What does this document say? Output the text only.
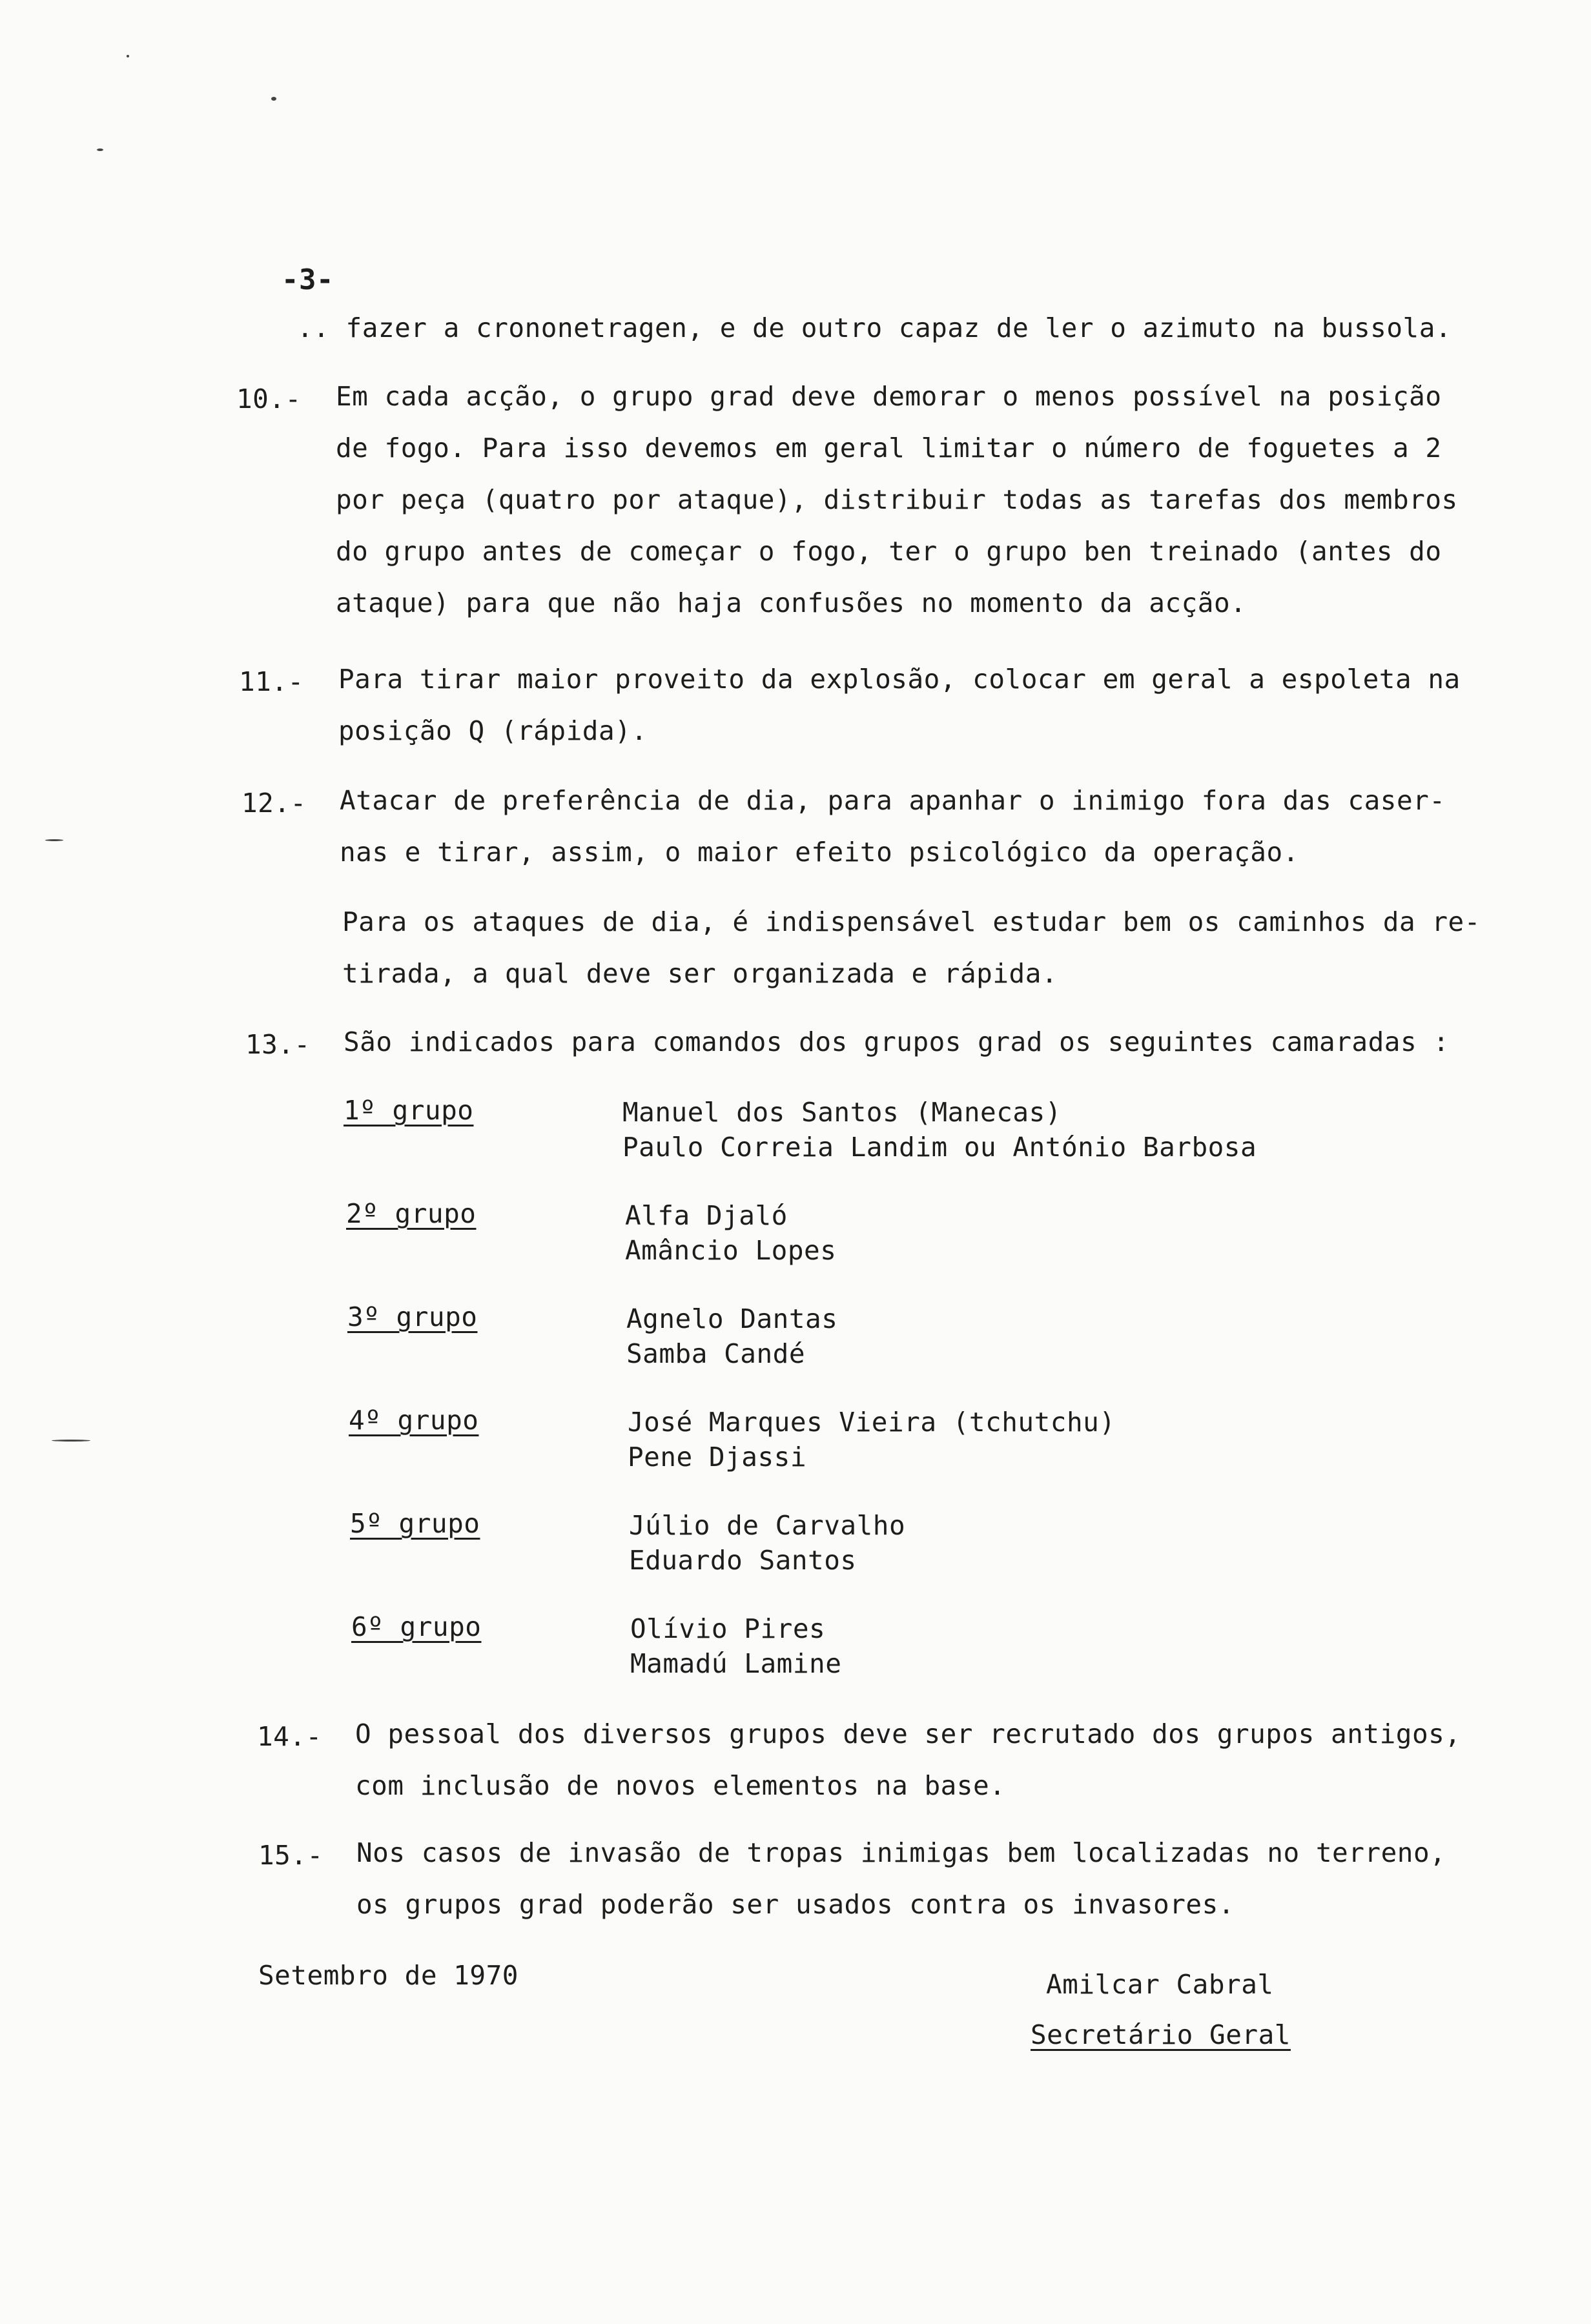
-3-
.. fazer a crononetragen, e de outro capaz de ler o azimuto na bussola.
10.- Em cada acção, o grupo grad deve demorar o menos possível na posição
de fogo. Para isso devemos em geral limitar o número de foguetes a 2
por peça (quatro por ataque), distribuir todas as tarefas dos membros
do grupo antes de começar o fogo, ter o grupo ben treinado (antes do
ataque) para que não haja confusões no momento da acção.
11.- Para tirar maior proveito da explosão, colocar em geral a espoleta na
posição Q (rápida).
12.- Atacar de preferência de dia, para apanhar o inimigo fora das caser-
nas e tirar, assim, o maior efeito psicológico da operação.
Para os ataques de dia, é indispensável estudar bem os caminhos da re-
tirada, a qual deve ser organizada e rápida.
13.- São indicados para comandos dos grupos grad os seguintes camaradas :
1º grupo	Manuel dos Santos (Manecas)
Paulo Correia Landim ou António Barbosa
2º grupo	Alfa Djaló
Amâncio Lopes
3º grupo	Agnelo Dantas
Samba Candé
4º grupo	José Marques Vieira (tchutchu)
Pene Djassi
5º grupo	Júlio de Carvalho
Eduardo Santos
6º grupo	Olívio Pires
Mamadú Lamine
14.- O pessoal dos diversos grupos deve ser recrutado dos grupos antigos,
com inclusão de novos elementos na base.
15.- Nos casos de invasão de tropas inimigas bem localizadas no terreno,
os grupos grad poderão ser usados contra os invasores.
Setembro de 1970	Amilcar Cabral
Secretário Geral
